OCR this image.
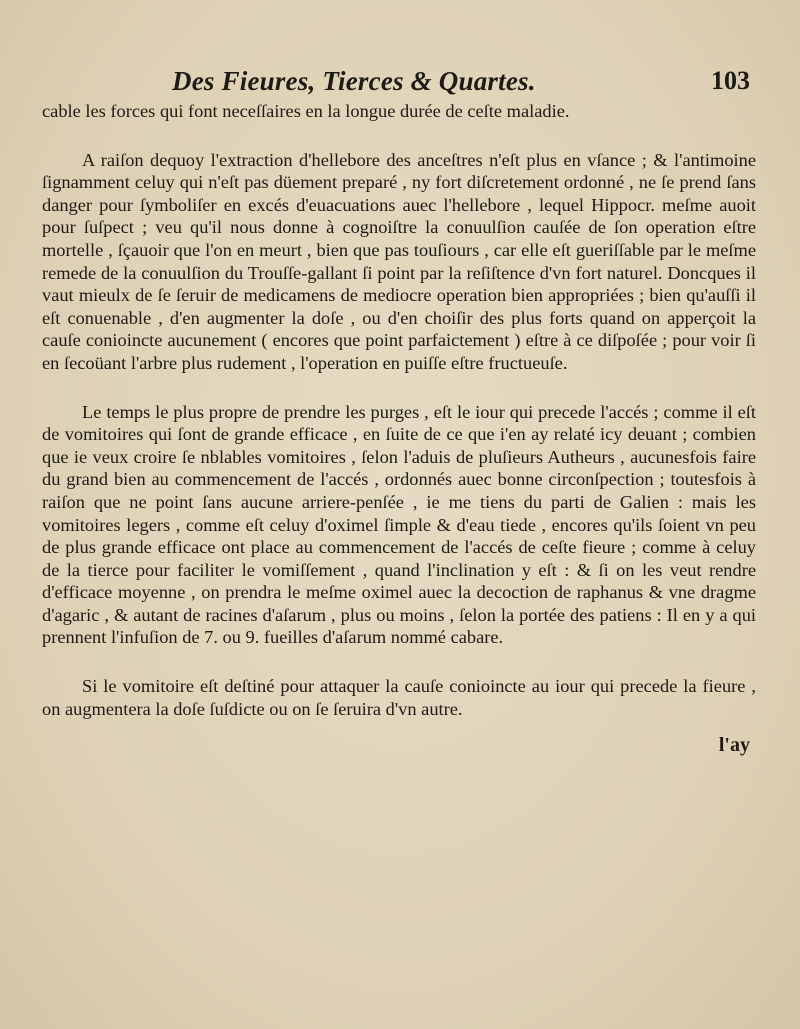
Des Fieures, Tierces & Quartes.	103

cable les forces qui font neceſſaires en la longue durée de ceſte maladie.

A raiſon dequoy l'extraction d'hellebore des anceſtres n'eſt plus en vſance ; & l'antimoine ſignamment celuy qui n'eſt pas düement preparé , ny fort diſcretement ordonné , ne ſe prend ſans danger pour ſymboliſer en excés d'euacuations auec l'hellebore , lequel Hippocr. meſme auoit pour ſuſpect ; veu qu'il nous donne à cognoiſtre la conuulſion cauſée de ſon operation eſtre mortelle , ſçauoir que l'on en meurt , bien que pas touſiours , car elle eſt gueriſſable par le meſme remede de la conuulſion du Trouſſe-gallant ſi point par la reſiſtence d'vn fort naturel. Doncques il vaut mieulx de ſe ſeruir de medicamens de mediocre operation bien appropriées ; bien qu'auſſi il eſt conuenable , d'en augmenter la doſe , ou d'en choiſir des plus forts quand on apperçoit la cauſe conioincte aucunement ( encores que point parfaictement ) eſtre à ce diſpoſée ; pour voir ſi en ſecoüant l'arbre plus rudement , l'operation en puiſſe eſtre fructueuſe.

Le temps le plus propre de prendre les purges , eſt le iour qui precede l'accés ; comme il eſt de vomitoires qui ſont de grande efficace , en ſuite de ce que i'en ay relaté icy deuant ; combien que ie veux croire ſe nblables vomitoires , ſelon l'aduis de pluſieurs Autheurs , aucunesfois faire du grand bien au commencement de l'accés , ordonnés auec bonne circonſpection ; toutesfois à raiſon que ne point ſans aucune arriere-penſée , ie me tiens du parti de Galien : mais les vomitoires legers , comme eſt celuy d'oximel ſimple & d'eau tiede , encores qu'ils ſoient vn peu de plus grande efficace ont place au commencement de l'accés de ceſte fieure ; comme à celuy de la tierce pour faciliter le vomiſſement , quand l'inclination y eſt : & ſi on les veut rendre d'efficace moyenne , on prendra le meſme oximel auec la decoction de raphanus & vne dragme d'agaric , & autant de racines d'aſarum , plus ou moins , ſelon la portée des patiens : Il en y a qui prennent l'infuſion de 7. ou 9. fueilles d'aſarum nommé cabare.

Si le vomitoire eſt deſtiné pour attaquer la cauſe conioincte au iour qui precede la fieure , on augmentera la doſe ſuſdicte ou on ſe ſeruira d'vn autre.

l'ay
